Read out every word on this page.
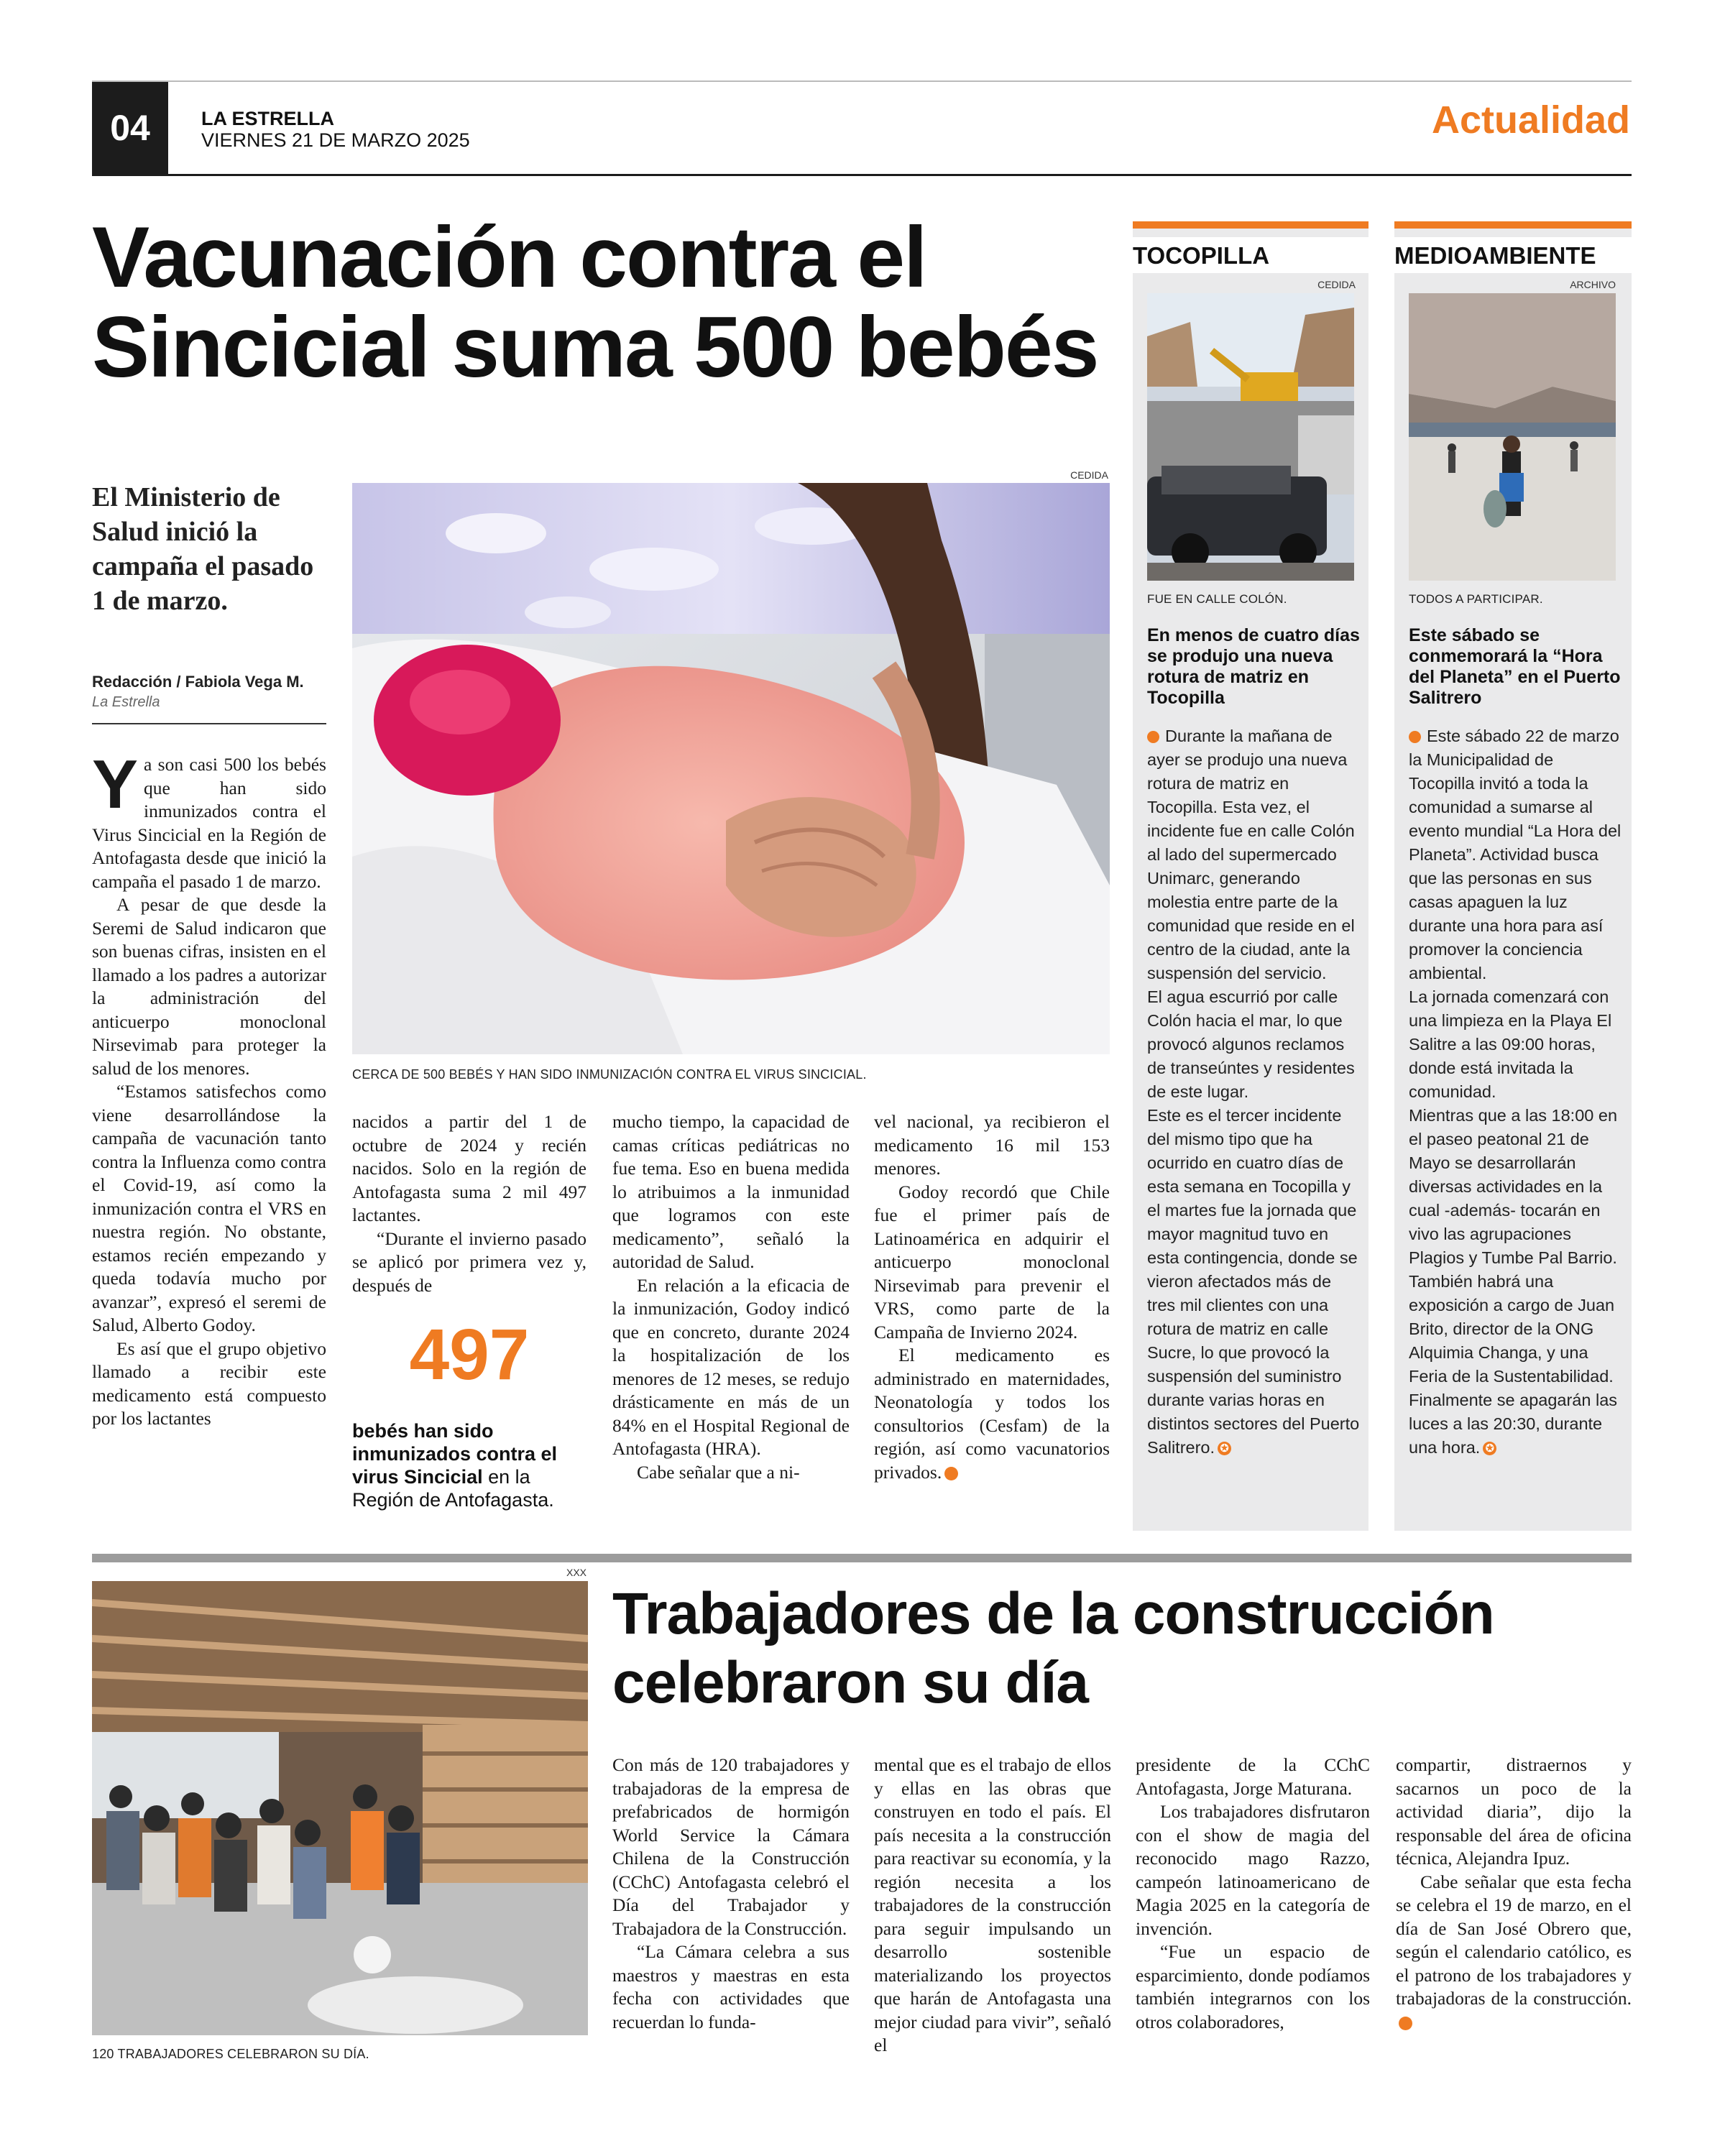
04	LA ESTRELLA
VIERNES 21 DE MARZO 2025	Actualidad
Vacunación contra el Sincicial suma 500 bebés
El Ministerio de Salud inició la campaña el pasado 1 de marzo.
Redacción / Fabiola Vega M.
La Estrella
CEDIDA
CERCA DE 500 BEBÉS Y HAN SIDO INMUNIZACIÓN CONTRA EL VIRUS SINCICIAL.

Ya son casi 500 los bebés que han sido inmunizados contra el Virus Sincicial en la Región de Antofagasta desde que inició la campaña el pasado 1 de marzo.

A pesar de que desde la Seremi de Salud indicaron que son buenas cifras, insisten en el llamado a los padres a autorizar la administración del anticuerpo monoclonal Nirsevimab para proteger la salud de los menores.

“Estamos satisfechos como viene desarrollándose la campaña de vacunación tanto contra la Influenza como contra el Covid-19, así como la inmunización contra el VRS en nuestra región. No obstante, estamos recién empezando y queda todavía mucho por avanzar”, expresó el seremi de Salud, Alberto Godoy.

Es así que el grupo objetivo llamado a recibir este medicamento está compuesto por los lactantes

nacidos a partir del 1 de octubre de 2024 y recién nacidos. Solo en la región de Antofagasta suma 2 mil 497 lactantes.

“Durante el invierno pasado se aplicó por primera vez y, después de

497
bebés han sido inmunizados contra el virus Sincicial en la Región de Antofagasta.

mucho tiempo, la capacidad de camas críticas pediátricas no fue tema. Eso en buena medida lo atribuimos a la inmunidad que logramos con este medicamento”, señaló la autoridad de Salud.

En relación a la eficacia de la inmunización, Godoy indicó que en concreto, durante 2024 la hospitalización de los menores de 12 meses, se redujo drásticamente en más de un 84% en el Hospital Regional de Antofagasta (HRA).

Cabe señalar que a ni-

vel nacional, ya recibieron el medicamento 16 mil 153 menores.

Godoy recordó que Chile fue el primer país de Latinoamérica en adquirir el anticuerpo monoclonal Nirsevimab para prevenir el VRS, como parte de la Campaña de Invierno 2024.

El medicamento es administrado en maternidades, Neonatología y todos los consultorios (Cesfam) de la región, así como vacunatorios privados.	✪

TOCOPILLA
CEDIDA
FUE EN CALLE COLÓN.
En menos de cuatro días se produjo una nueva rotura de matriz en Tocopilla

Durante la mañana de ayer se produjo una nueva rotura de matriz en Tocopilla. Esta vez, el incidente fue en calle Colón al lado del supermercado Unimarc, generando molestia entre parte de la comunidad que reside en el centro de la ciudad, ante la suspensión del servicio.

El agua escurrió por calle Colón hacia el mar, lo que provocó algunos reclamos de transeúntes y residentes de este lugar.

Este es el tercer incidente del mismo tipo que ha ocurrido en cuatro días de esta semana en Tocopilla y el martes fue la jornada que mayor magnitud tuvo en esta contingencia, donde se vieron afectados más de tres mil clientes con una rotura de matriz en calle Sucre, lo que provocó la suspensión del suministro durante varias horas en distintos sectores del Puerto Salitrero. ✪

MEDIOAMBIENTE
ARCHIVO
TODOS A PARTICIPAR.
Este sábado se conmemorará la “Hora del Planeta” en el Puerto Salitrero

Este sábado 22 de marzo la Municipalidad de Tocopilla invitó a toda la comunidad a sumarse al evento mundial “La Hora del Planeta”. Actividad busca que las personas en sus casas apaguen la luz durante una hora para así promover la conciencia ambiental.

La jornada comenzará con una limpieza en la Playa El Salitre a las 09:00 horas, donde está invitada la comunidad.

Mientras que a las 18:00 en el paseo peatonal 21 de Mayo se desarrollarán diversas actividades en la cual -además- tocarán en vivo las agrupaciones Plagios y Tumbe Pal Barrio. También habrá una exposición a cargo de Juan Brito, director de la ONG Alquimia Changa, y una Feria de la Sustentabilidad.

Finalmente se apagarán las luces a las 20:30, durante una hora. ✪

XXX
120 TRABAJADORES CELEBRARON SU DÍA.
Trabajadores de la construcción celebraron su día

Con más de 120 trabajadores y trabajadoras de la empresa de prefabricados de hormigón World Service la Cámara Chilena de la Construcción (CChC) Antofagasta celebró el Día del Trabajador y Trabajadora de la Construcción.

“La Cámara celebra a sus maestros y maestras en esta fecha con actividades que recuerdan lo funda-

mental que es el trabajo de ellos y ellas en las obras que construyen en todo el país. El país necesita a la construcción para reactivar su economía, y la región necesita a los trabajadores de la construcción para seguir impulsando un desarrollo sostenible materializando los proyectos que harán de Antofagasta una mejor ciudad para vivir”, señaló el

presidente de la CChC Antofagasta, Jorge Maturana.

Los trabajadores disfrutaron con el show de magia del reconocido mago Razzo, campeón latinoamericano de Magia 2025 en la categoría de invención.

“Fue un espacio de esparcimiento, donde podíamos también integrarnos con los otros colaboradores,

compartir, distraernos y sacarnos un poco de la actividad diaria”, dijo la responsable del área de oficina técnica, Alejandra Ipuz.

Cabe señalar que esta fecha se celebra el 19 de marzo, en el día de San José Obrero que, según el calendario católico, es el patrono de los trabajadores y trabajadoras de la construcción.✪
